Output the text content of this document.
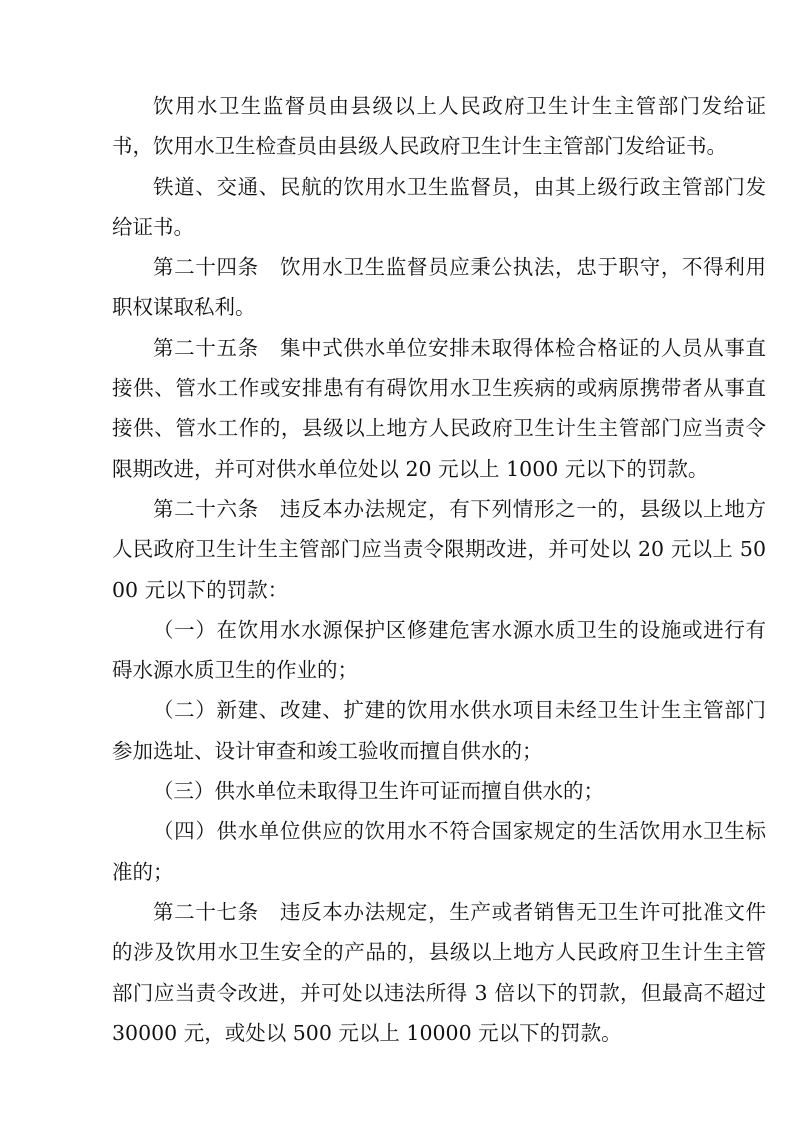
饮用水卫生监督员由县级以上人民政府卫生计生主管部门发给证书，饮用水卫生检查员由县级人民政府卫生计生主管部门发给证书。

铁道、交通、民航的饮用水卫生监督员，由其上级行政主管部门发给证书。

第二十四条　饮用水卫生监督员应秉公执法，忠于职守，不得利用职权谋取私利。

第二十五条　集中式供水单位安排未取得体检合格证的人员从事直接供、管水工作或安排患有有碍饮用水卫生疾病的或病原携带者从事直接供、管水工作的，县级以上地方人民政府卫生计生主管部门应当责令限期改进，并可对供水单位处以 20 元以上 1000 元以下的罚款。

第二十六条　违反本办法规定，有下列情形之一的，县级以上地方人民政府卫生计生主管部门应当责令限期改进，并可处以 20 元以上 5000 元以下的罚款：

（一）在饮用水水源保护区修建危害水源水质卫生的设施或进行有碍水源水质卫生的作业的；

（二）新建、改建、扩建的饮用水供水项目未经卫生计生主管部门参加选址、设计审查和竣工验收而擅自供水的；

（三）供水单位未取得卫生许可证而擅自供水的；

（四）供水单位供应的饮用水不符合国家规定的生活饮用水卫生标准的；

第二十七条　违反本办法规定，生产或者销售无卫生许可批准文件的涉及饮用水卫生安全的产品的，县级以上地方人民政府卫生计生主管部门应当责令改进，并可处以违法所得 3 倍以下的罚款，但最高不超过 30000 元，或处以 500 元以上 10000 元以下的罚款。
